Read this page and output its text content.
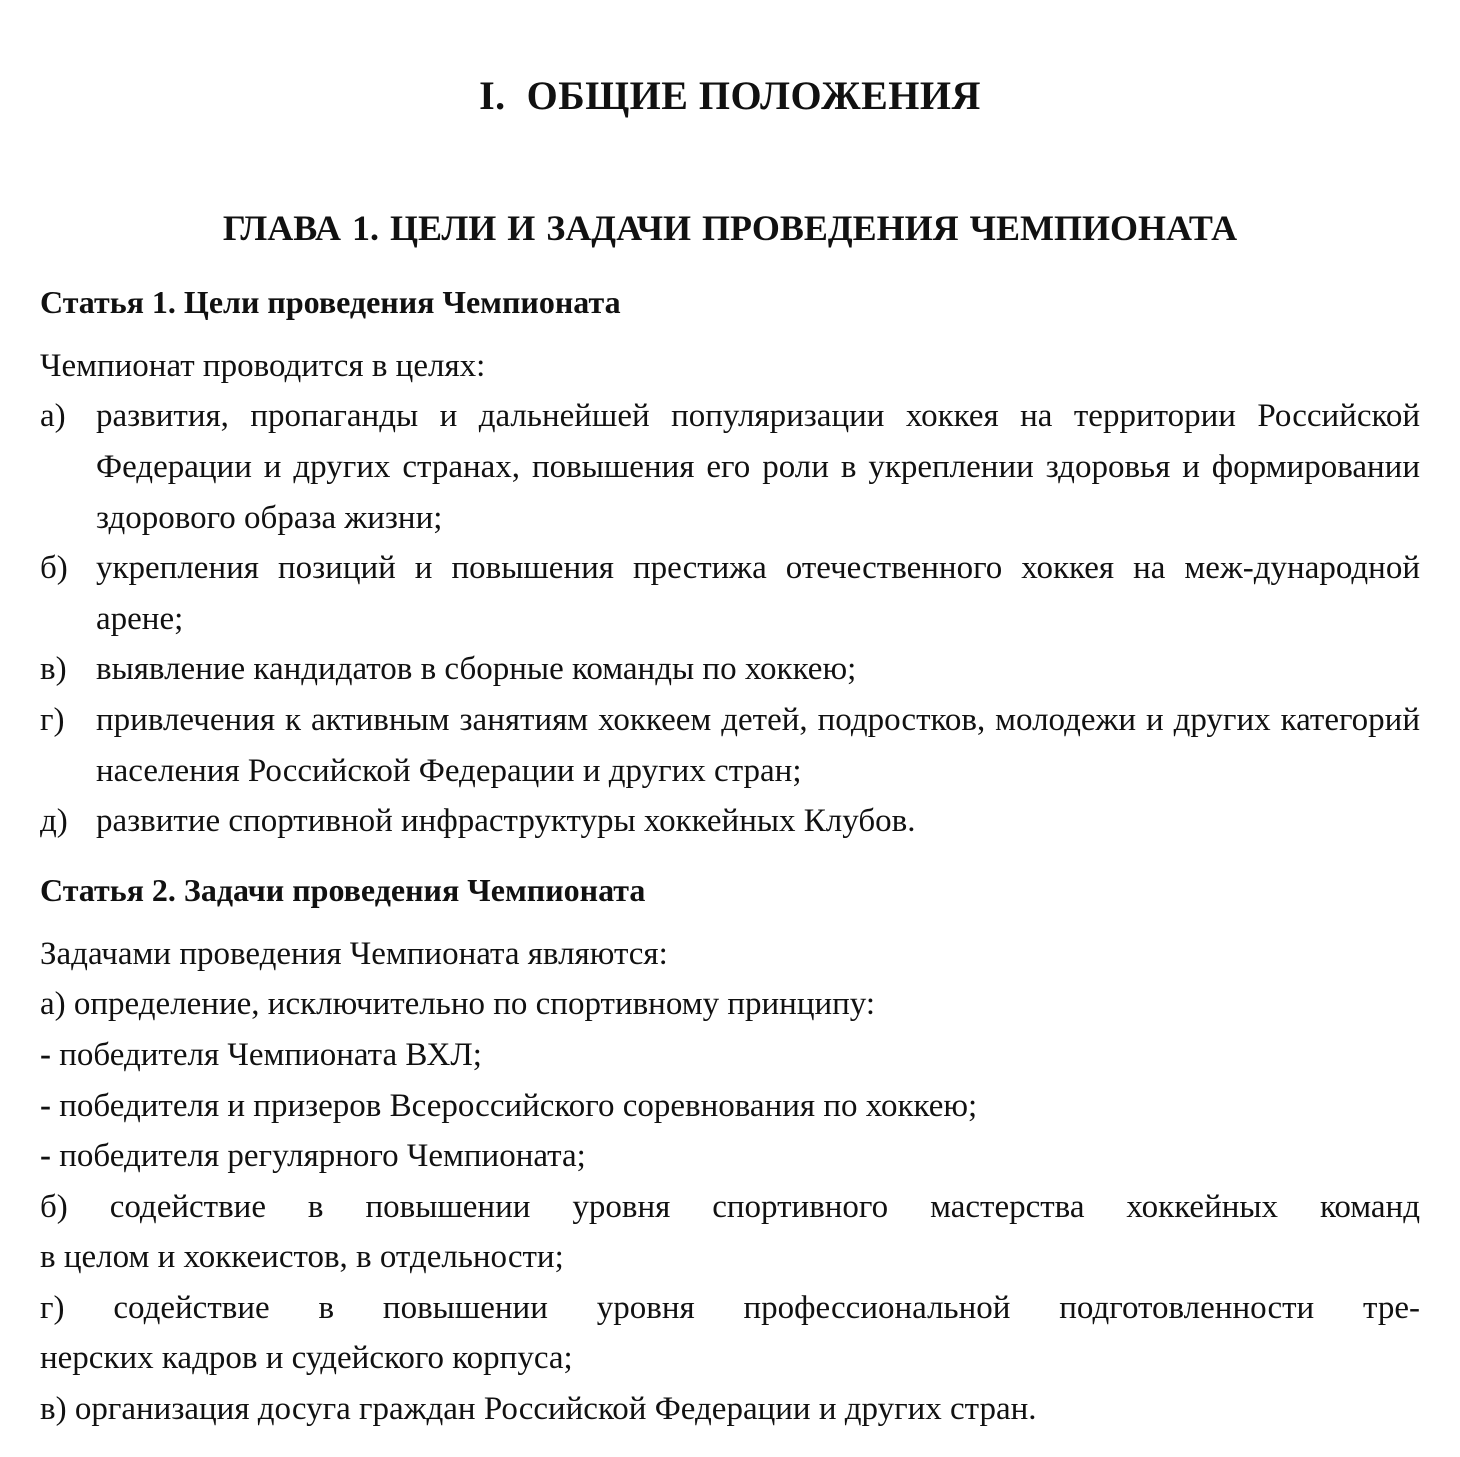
I.  ОБЩИЕ ПОЛОЖЕНИЯ
ГЛАВА 1. ЦЕЛИ И ЗАДАЧИ ПРОВЕДЕНИЯ ЧЕМПИОНАТА
Статья 1. Цели проведения Чемпионата
Чемпионат проводится в целях:
а) развития, пропаганды и дальнейшей популяризации хоккея на территории Российской Федерации и других странах, повышения его роли в укреплении здоровья и формировании здорового образа жизни;
б) укрепления позиций и повышения престижа отечественного хоккея на меж-дународной арене;
в) выявление кандидатов в сборные команды по хоккею;
г) привлечения к активным занятиям хоккеем детей, подростков, молодежи и других категорий населения Российской Федерации и других стран;
д) развитие спортивной инфраструктуры хоккейных Клубов.
Статья 2. Задачи проведения Чемпионата
Задачами проведения Чемпионата являются:
а) определение, исключительно по спортивному принципу:
- победителя Чемпионата ВХЛ;
- победителя и призеров Всероссийского соревнования по хоккею;
- победителя регулярного Чемпионата;
б) содействие в повышении уровня спортивного мастерства хоккейных команд
в целом и хоккеистов, в отдельности;
г) содействие в повышении уровня профессиональной подготовленности тре-
нерских кадров и судейского корпуса;
в) организация досуга граждан Российской Федерации и других стран.
